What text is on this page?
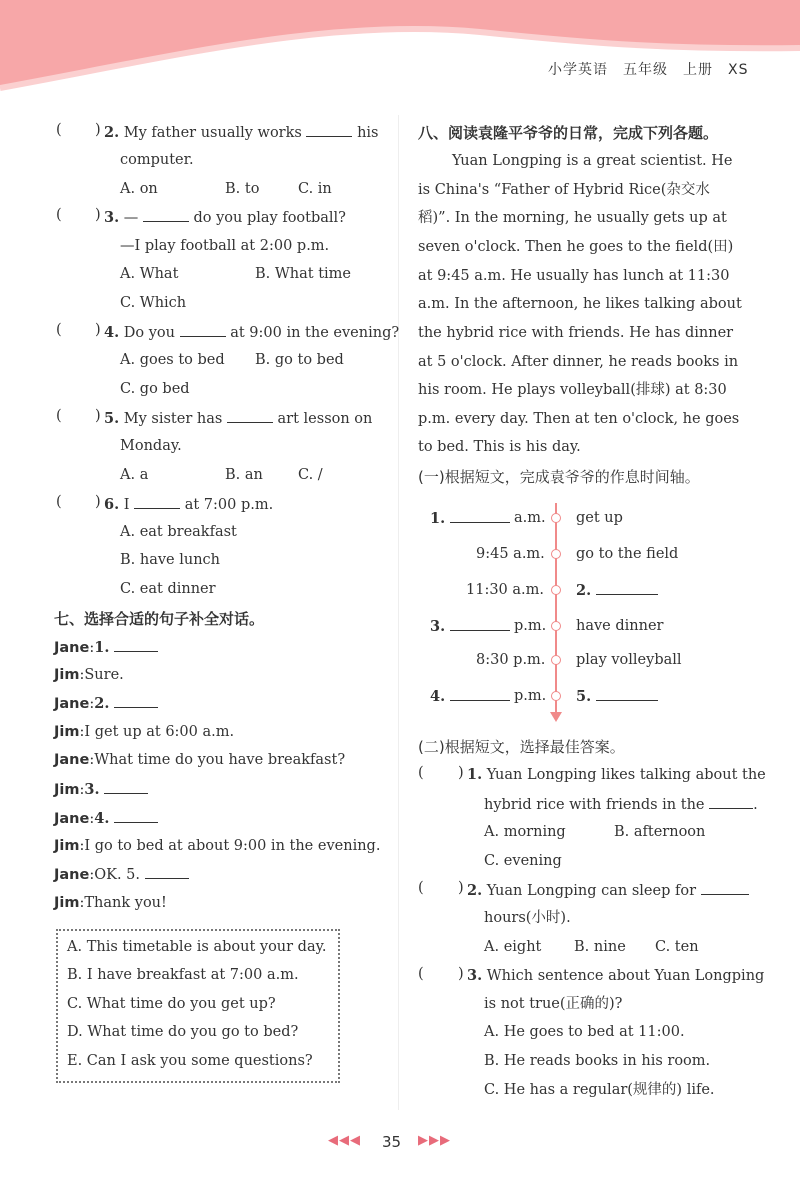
小学英语　五年级　上册　XS
( ) 2. My father usually works	his
computer.
A. on	B. to	C. in
( ) 3. —	do you play football?
—I play football at 2:00 p.m.
A. What	B. What time
C. Which
( ) 4. Do you	at 9:00 in the evening?
A. goes to bed B. go to bed
C. go bed
( ) 5. My sister has	art lesson on
Monday.
A. a	B. an C. /
( ) 6. I	at 7:00 p.m.
A. eat breakfast
B. have lunch
C. eat dinner
七、选择合适的句子补全对话。
Jane:1.
Jim:Sure.
Jane:2.
Jim:I get up at 6:00 a.m.
Jane:What time do you have breakfast?
Jim:3.
Jane:4.
Jim:I go to bed at about 9:00 in the evening.
Jane:OK. 5.
Jim:Thank you!
A. This timetable is about your day.
B. I have breakfast at 7:00 a.m.
C. What time do you get up?
D. What time do you go to bed?
E. Can I ask you some questions?
八、阅读袁隆平爷爷的日常，完成下列各题。
Yuan Longping is a great scientist. He
is China's “Father of Hybrid Rice(杂交水
稻)”. In the morning, he usually gets up at
seven o'clock. Then he goes to the field(田)
at 9:45 a.m. He usually has lunch at 11:30
a.m. In the afternoon, he likes talking about
the hybrid rice with friends. He has dinner
at 5 o'clock. After dinner, he reads books in
his room. He plays volleyball(排球) at 8:30
p.m. every day. Then at ten o'clock, he goes
to bed. This is his day.
(一)根据短文，完成袁爷爷的作息时间轴。
1.	a.m. get up
9:45 a.m. go to the field
11:30 a.m. 2.
3.	p.m. have dinner
8:30 p.m. play volleyball
4.	p.m. 5.
(二)根据短文，选择最佳答案。
( ) 1. Yuan Longping likes talking about the
hybrid rice with friends in the	.
A. morning	B. afternoon
C. evening
( ) 2. Yuan Longping can sleep for
hours(小时).
A. eight B. nine C. ten
( ) 3. Which sentence about Yuan Longping
is not true(正确的)?
A. He goes to bed at 11:00.
B. He reads books in his room.
C. He has a regular(规律的) life.
◀◀◀ 35 ▶▶▶
